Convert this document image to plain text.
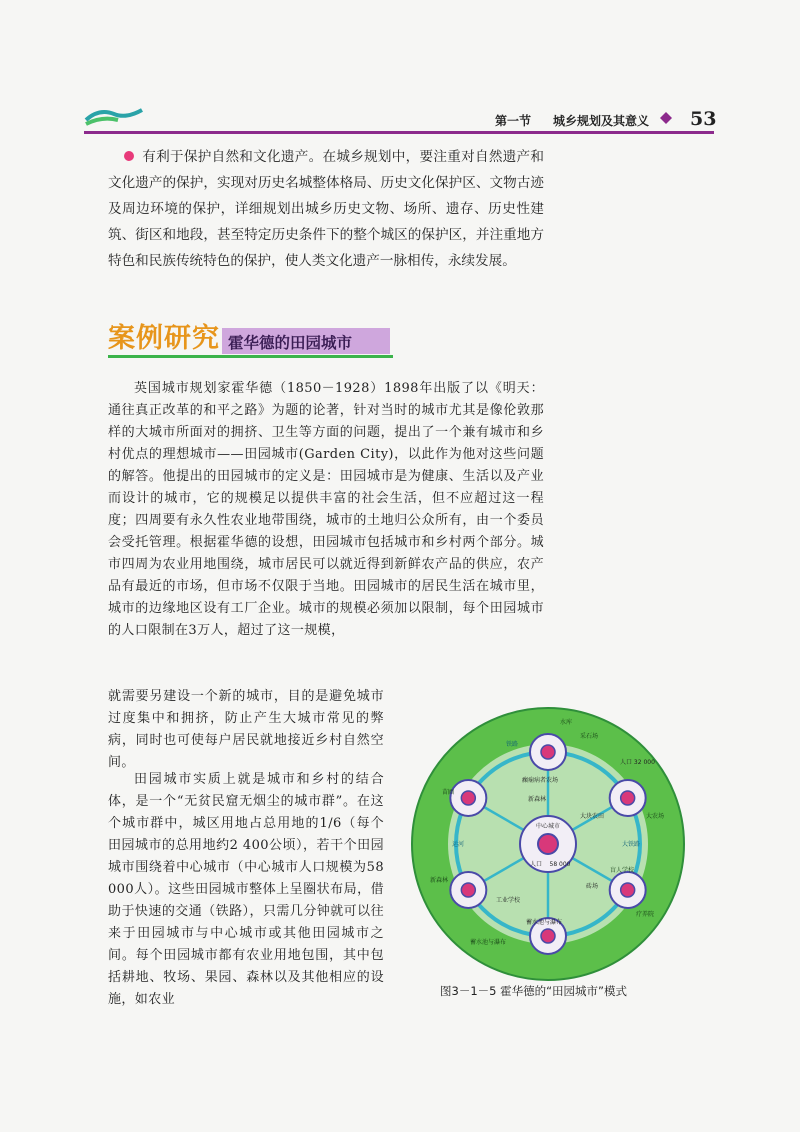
第一节 城乡规划及其意义 53
有利于保护自然和文化遗产。在城乡规划中，要注重对自然遗产和文化遗产的保护，实现对历史名城整体格局、历史文化保护区、文物古迹及周边环境的保护，详细规划出城乡历史文物、场所、遗存、历史性建筑、街区和地段，甚至特定历史条件下的整个城区的保护区，并注重地方特色和民族传统特色的保护，使人类文化遗产一脉相传，永续发展。
案例研究 霍华德的田园城市
英国城市规划家霍华德（1850－1928）1898年出版了以《明天：通往真正改革的和平之路》为题的论著，针对当时的城市尤其是像伦敦那样的大城市所面对的拥挤、卫生等方面的问题，提出了一个兼有城市和乡村优点的理想城市——田园城市(Garden City)，以此作为他对这些问题的解答。他提出的田园城市的定义是：田园城市是为健康、生活以及产业而设计的城市，它的规模足以提供丰富的社会生活，但不应超过这一程度；四周要有永久性农业地带围绕，城市的土地归公众所有，由一个委员会受托管理。根据霍华德的设想，田园城市包括城市和乡村两个部分。城市四周为农业用地围绕，城市居民可以就近得到新鲜农产品的供应，农产品有最近的市场，但市场不仅限于当地。田园城市的居民生活在城市里，城市的边缘地区设有工厂企业。城市的规模必须加以限制，每个田园城市的人口限制在3万人，超过了这一规模，
就需要另建设一个新的城市，目的是避免城市过度集中和拥挤，防止产生大城市常见的弊病，同时也可使每户居民就地接近乡村自然空间。
田园城市实质上就是城市和乡村的结合体，是一个“无贫民窟无烟尘的城市群”。在这个城市群中，城区用地占总用地的1/6（每个田园城市的总用地约2 400公顷），若干个田园城市围绕着中心城市（中心城市人口规模为58 000人）。这些田园城市整体上呈圈状布局，借助于快速的交通（铁路），只需几分钟就可以往来于田园城市与中心城市或其他田园城市之间。每个田园城市都有农业用地包围，其中包括耕地、牧场、果园、森林以及其他相应的设施，如农业
中心城市
人口 58 000
人口 32 000
铁路
运河	大铁路
新森林
癫痫病者农场
工业学校
大块农田
蓄水池与瀑布
砖场
苗圃
水库
大农场
新森林
采石场
疗养院
蓄水池与瀑布
盲人学校
图3－1－5 霍华德的“田园城市”模式
